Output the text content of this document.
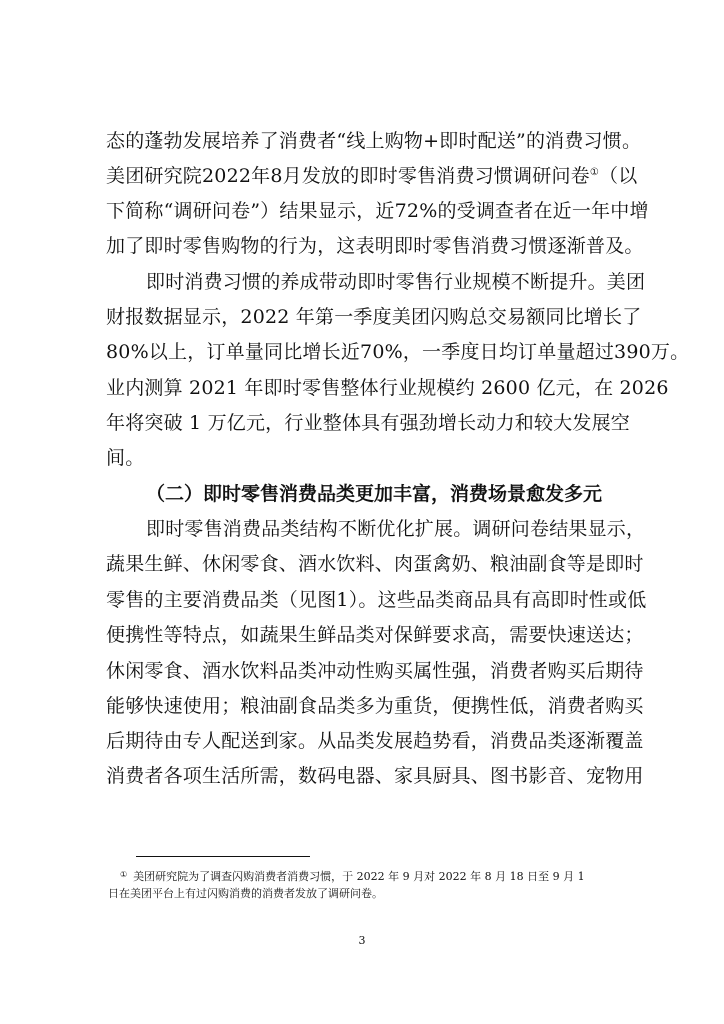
态的蓬勃发展培养了消费者“线上购物+即时配送”的消费习惯。
美团研究院2022年8月发放的即时零售消费习惯调研问卷①（以
下简称“调研问卷”）结果显示，近72%的受调查者在近一年中增
加了即时零售购物的行为，这表明即时零售消费习惯逐渐普及。
即时消费习惯的养成带动即时零售行业规模不断提升。美团
财报数据显示，2022 年第一季度美团闪购总交易额同比增长了
80%以上，订单量同比增长近70%，一季度日均订单量超过390万。
业内测算 2021 年即时零售整体行业规模约 2600 亿元，在 2026
年将突破 1 万亿元，行业整体具有强劲增长动力和较大发展空
间。
（二）即时零售消费品类更加丰富，消费场景愈发多元
即时零售消费品类结构不断优化扩展。调研问卷结果显示，
蔬果生鲜、休闲零食、酒水饮料、肉蛋禽奶、粮油副食等是即时
零售的主要消费品类（见图1）。这些品类商品具有高即时性或低
便携性等特点，如蔬果生鲜品类对保鲜要求高，需要快速送达；
休闲零食、酒水饮料品类冲动性购买属性强，消费者购买后期待
能够快速使用；粮油副食品类多为重货，便携性低，消费者购买
后期待由专人配送到家。从品类发展趋势看，消费品类逐渐覆盖
消费者各项生活所需，数码电器、家具厨具、图书影音、宠物用
① 美团研究院为了调查闪购消费者消费习惯，于 2022 年 9 月对 2022 年 8 月 18 日至 9 月 1
日在美团平台上有过闪购消费的消费者发放了调研问卷。
3
